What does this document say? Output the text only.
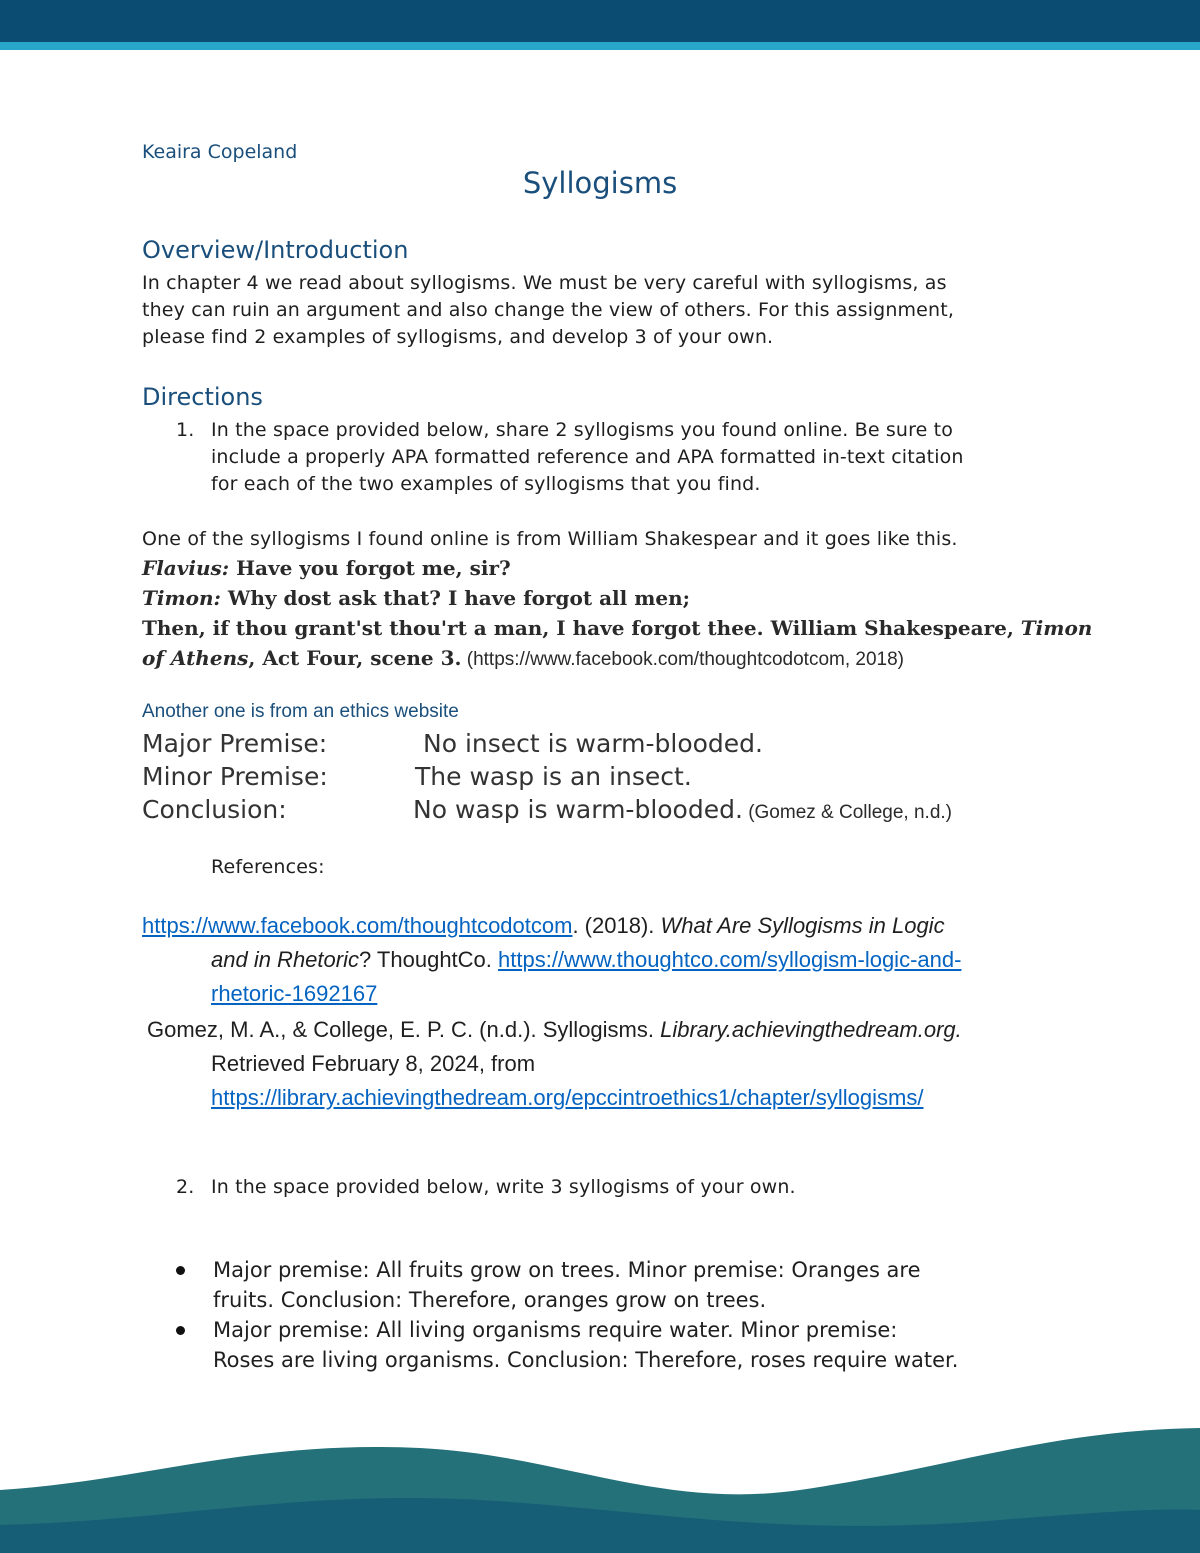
Keaira Copeland
Syllogisms
Overview/Introduction
In chapter 4 we read about syllogisms. We must be very careful with syllogisms, as
they can ruin an argument and also change the view of others. For this assignment,
please find 2 examples of syllogisms, and develop 3 of your own.
Directions
1. In the space provided below, share 2 syllogisms you found online. Be sure to
include a properly APA formatted reference and APA formatted in-text citation
for each of the two examples of syllogisms that you find.
One of the syllogisms I found online is from William Shakespear and it goes like this.
Flavius: Have you forgot me, sir?
Timon: Why dost ask that? I have forgot all men;
Then, if thou grant'st thou'rt a man, I have forgot thee. William Shakespeare, Timon
of Athens, Act Four, scene 3. (https://www.facebook.com/thoughtcodotcom, 2018)
Another one is from an ethics website
Major Premise:	No insect is warm-blooded.
Minor Premise:	The wasp is an insect.
Conclusion:	No wasp is warm-blooded. (Gomez & College, n.d.)
References:
https://www.facebook.com/thoughtcodotcom. (2018). What Are Syllogisms in Logic
and in Rhetoric? ThoughtCo. https://www.thoughtco.com/syllogism-logic-and-
rhetoric-1692167
Gomez, M. A., & College, E. P. C. (n.d.). Syllogisms. Library.achievingthedream.org.
Retrieved February 8, 2024, from
https://library.achievingthedream.org/epccintroethics1/chapter/syllogisms/
2. In the space provided below, write 3 syllogisms of your own.
Major premise: All fruits grow on trees. Minor premise: Oranges are
fruits. Conclusion: Therefore, oranges grow on trees.
Major premise: All living organisms require water. Minor premise:
Roses are living organisms. Conclusion: Therefore, roses require water.
